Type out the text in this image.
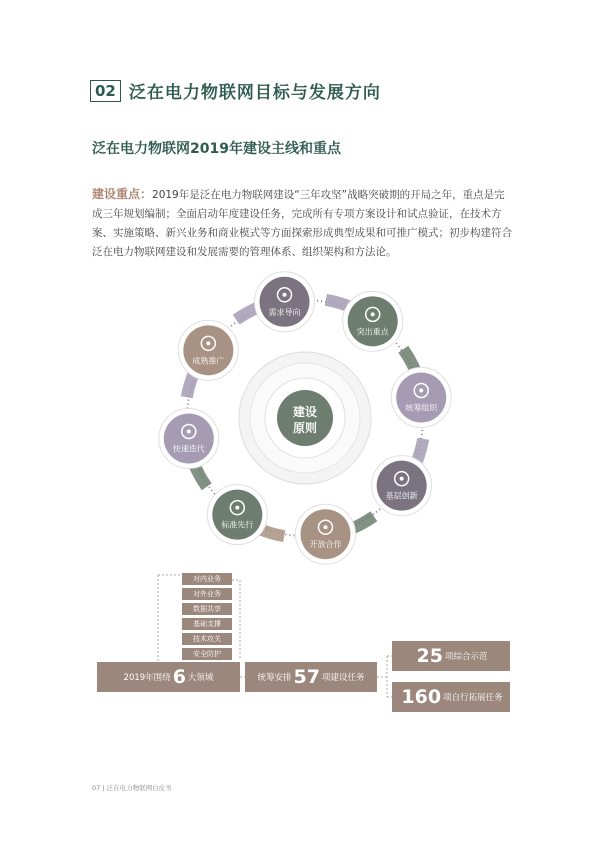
02 泛在电力物联网目标与发展方向
泛在电力物联网2019年建设主线和重点
建设重点：2019年是泛在电力物联网建设“三年攻坚”战略突破期的开局之年，重点是完成三年规划编制；全面启动年度建设任务，完成所有专项方案设计和试点验证，在技术方案、实施策略、新兴业务和商业模式等方面探索形成典型成果和可推广模式；初步构建符合泛在电力物联网建设和发展需要的管理体系、组织架构和方法论。
建设
原则
需求导向
突出重点
统筹组织
基层创新
开放合作
标准先行
快速迭代
成熟推广
对内业务
对外业务
数据共享
基础支撑
技术攻关
安全防护
2019年围绕 6 大领域	统筹安排 57 项建设任务
25 项综合示范
160 项自行拓展任务
07 | 泛在电力物联网白皮书
